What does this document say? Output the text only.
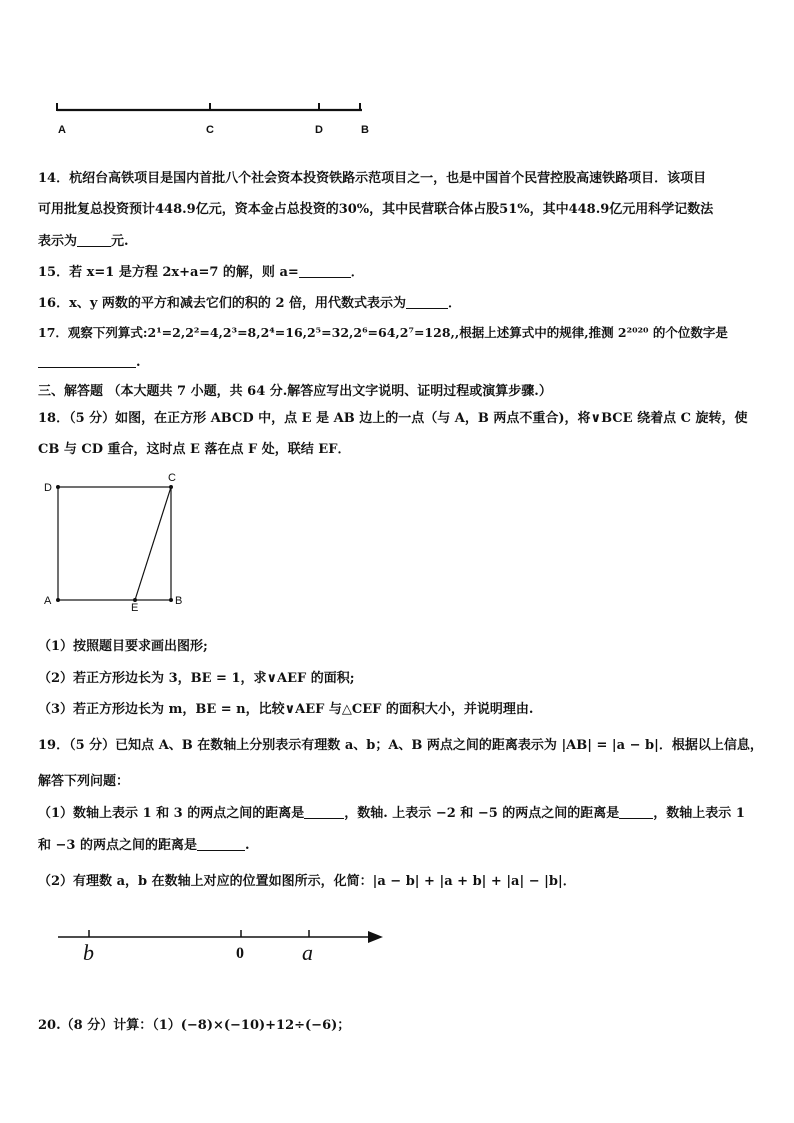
A	C	D	B
14．杭绍台高铁项目是国内首批八个社会资本投资铁路示范项目之一，也是中国首个民营控股高速铁路项目．该项目
可用批复总投资预计448.9亿元，资本金占总投资的30%，其中民营联合体占股51%，其中448.9亿元用科学记数法
表示为	元.
15．若 x=1 是方程 2x+a=7 的解，则 a=	．
16．x、y 两数的平方和减去它们的积的 2 倍，用代数式表示为	．
17．观察下列算式:2¹=2,2²=4,2³=8,2⁴=16,2⁵=32,2⁶=64,2⁷=128,,根据上述算式中的规律,推测 2²⁰²⁰ 的个位数字是
.
三、解答题 （本大题共 7 小题，共 64 分.解答应写出文字说明、证明过程或演算步骤.）
18．（5 分）如图，在正方形 ABCD 中，点 E 是 AB 边上的一点（与 A，B 两点不重合)，将∨BCE 绕着点 C 旋转，使
CB 与 CD 重合，这时点 E 落在点 F 处，联结 EF．
D
C
A
E
B
（1）按照题目要求画出图形;
（2）若正方形边长为 3，BE = 1，求∨AEF 的面积;
（3）若正方形边长为 m，BE = n，比较∨AEF 与△CEF 的面积大小，并说明理由.
19．（5 分）已知点 A、B 在数轴上分别表示有理数 a、b；A、B 两点之间的距离表示为 |AB| = |a − b|．根据以上信息，
解答下列问题：
（1）数轴上表示 1 和 3 的两点之间的距离是	，数轴. 上表示 −2 和 −5 的两点之间的距离是	，数轴上表示 1
和 −3 的两点之间的距离是	.
（2）有理数 a，b 在数轴上对应的位置如图所示，化简：|a − b| + |a + b| + |a| − |b|．
b	0	a
20.（8 分）计算：（1）(−8)×(−10)+12÷(−6)；
